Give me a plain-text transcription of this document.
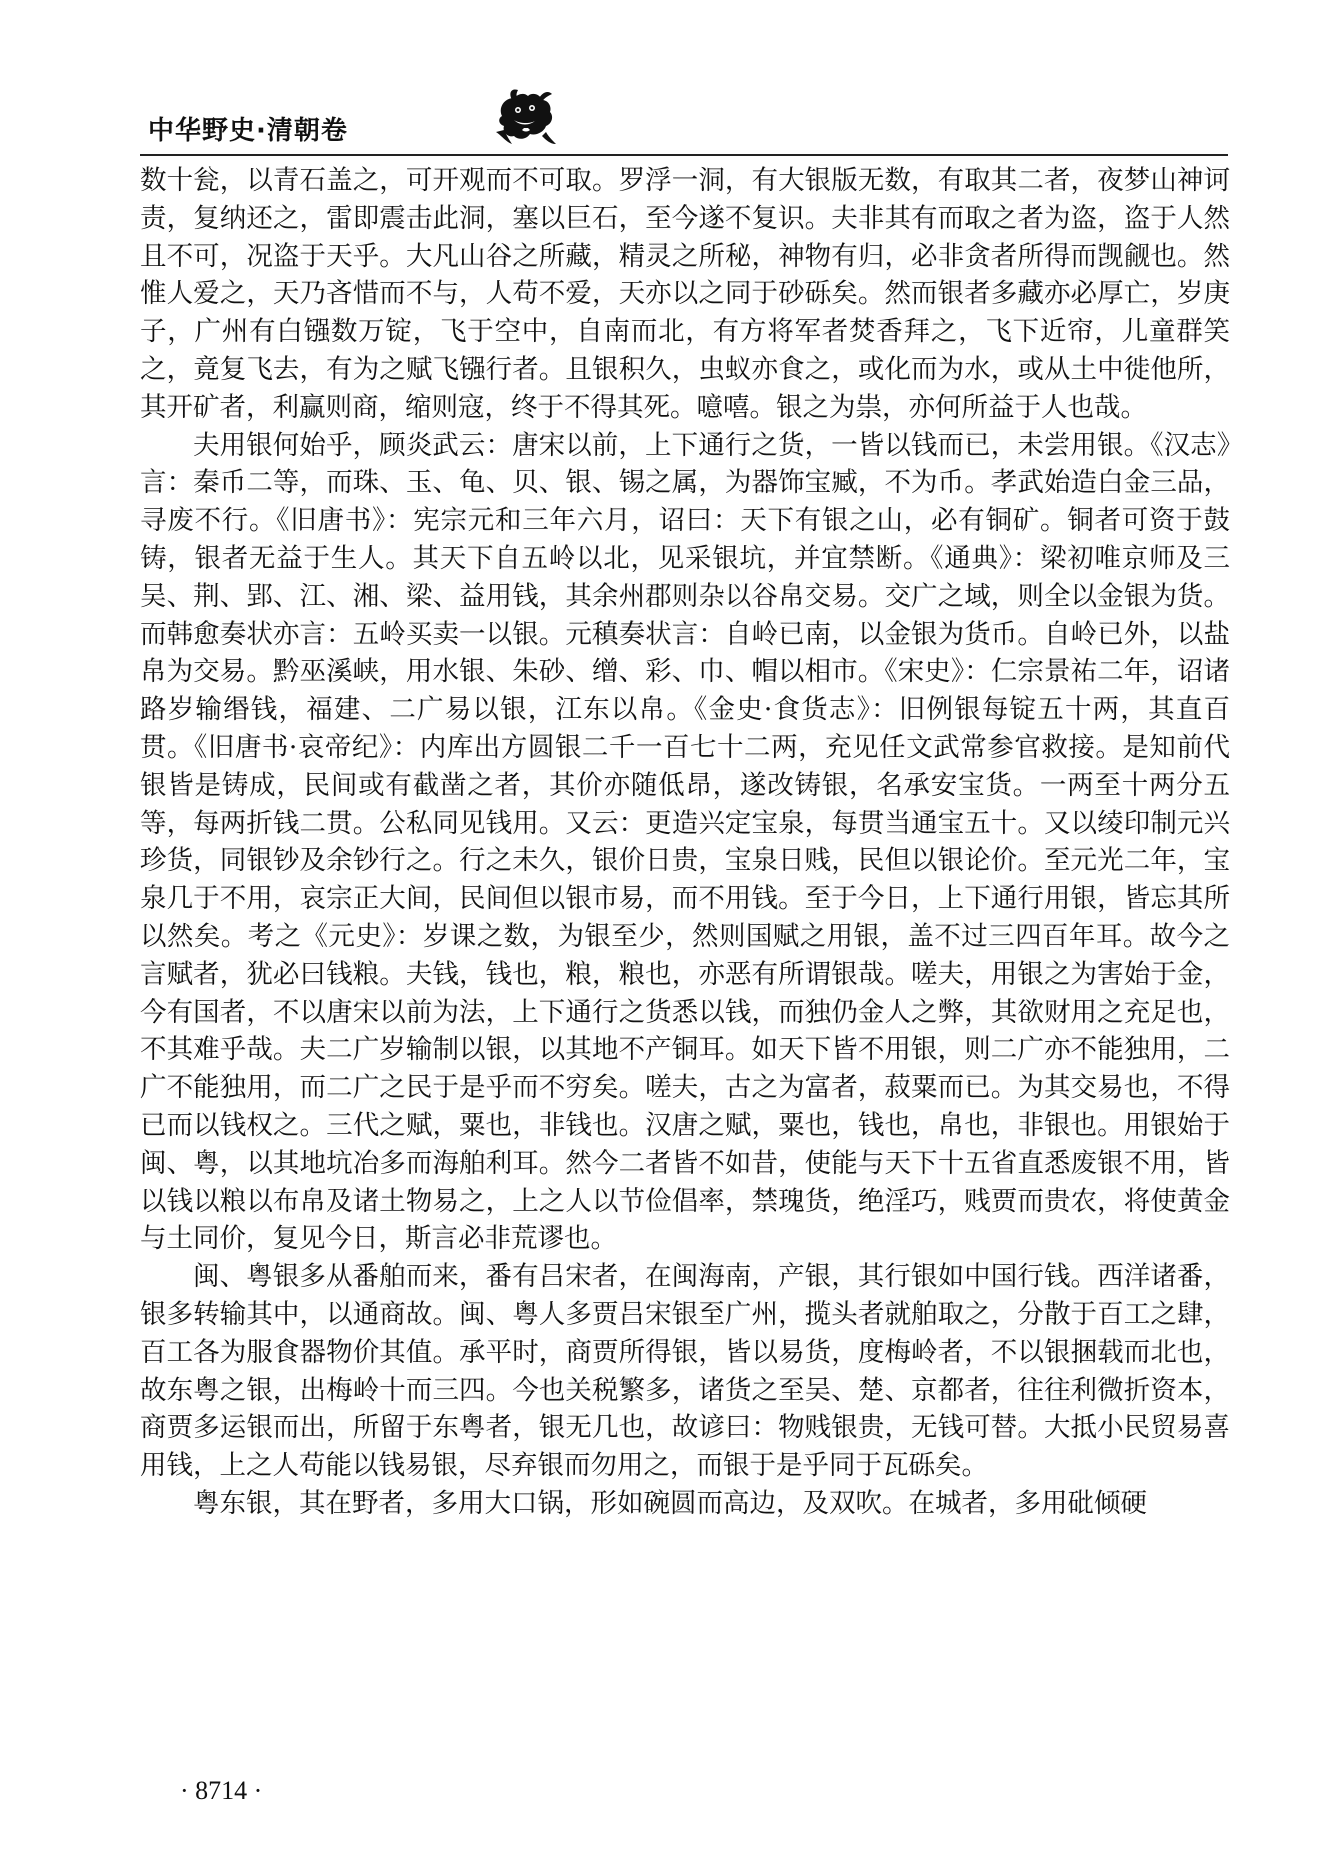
中华野史·清朝卷

数十瓮，以青石盖之，可开观而不可取。罗浮一洞，有大银版无数，有取其二者，夜梦山神诃责，复纳还之，雷即震击此洞，塞以巨石，至今遂不复识。夫非其有而取之者为盗，盗于人然且不可，况盗于天乎。大凡山谷之所藏，精灵之所秘，神物有归，必非贪者所得而觊觎也。然惟人爱之，天乃吝惜而不与，人苟不爱，天亦以之同于砂砾矣。然而银者多藏亦必厚亡，岁庚子，广州有白镪数万锭，飞于空中，自南而北，有方将军者焚香拜之，飞下近帘，儿童群笑之，竟复飞去，有为之赋飞镪行者。且银积久，虫蚁亦食之，或化而为水，或从土中徙他所，其开矿者，利赢则商，缩则寇，终于不得其死。噫嘻。银之为祟，亦何所益于人也哉。

夫用银何始乎，顾炎武云：唐宋以前，上下通行之货，一皆以钱而已，未尝用银。《汉志》言：秦币二等，而珠、玉、龟、贝、银、锡之属，为器饰宝臧，不为币。孝武始造白金三品，寻废不行。《旧唐书》：宪宗元和三年六月，诏曰：天下有银之山，必有铜矿。铜者可资于鼓铸，银者无益于生人。其天下自五岭以北，见采银坑，并宜禁断。《通典》：梁初唯京师及三吴、荆、郢、江、湘、梁、益用钱，其余州郡则杂以谷帛交易。交广之域，则全以金银为货。而韩愈奏状亦言：五岭买卖一以银。元稹奏状言：自岭已南，以金银为货币。自岭已外，以盐帛为交易。黔巫溪峡，用水银、朱砂、缯、彩、巾、帽以相市。《宋史》：仁宗景祐二年，诏诸路岁输缗钱，福建、二广易以银，江东以帛。《金史·食货志》：旧例银每锭五十两，其直百贯。《旧唐书·哀帝纪》：内库出方圆银二千一百七十二两，充见任文武常参官救接。是知前代银皆是铸成，民间或有截凿之者，其价亦随低昂，遂改铸银，名承安宝货。一两至十两分五等，每两折钱二贯。公私同见钱用。又云：更造兴定宝泉，每贯当通宝五十。又以绫印制元兴珍货，同银钞及余钞行之。行之未久，银价日贵，宝泉日贱，民但以银论价。至元光二年，宝泉几于不用，哀宗正大间，民间但以银市易，而不用钱。至于今日，上下通行用银，皆忘其所以然矣。考之《元史》：岁课之数，为银至少，然则国赋之用银，盖不过三四百年耳。故今之言赋者，犹必曰钱粮。夫钱，钱也，粮，粮也，亦恶有所谓银哉。嗟夫，用银之为害始于金，今有国者，不以唐宋以前为法，上下通行之货悉以钱，而独仍金人之弊，其欲财用之充足也，不其难乎哉。夫二广岁输制以银，以其地不产铜耳。如天下皆不用银，则二广亦不能独用，二广不能独用，而二广之民于是乎而不穷矣。嗟夫，古之为富者，菽粟而已。为其交易也，不得已而以钱权之。三代之赋，粟也，非钱也。汉唐之赋，粟也，钱也，帛也，非银也。用银始于闽、粤，以其地坑冶多而海舶利耳。然今二者皆不如昔，使能与天下十五省直悉废银不用，皆以钱以粮以布帛及诸土物易之，上之人以节俭倡率，禁瑰货，绝淫巧，贱贾而贵农，将使黄金与土同价，复见今日，斯言必非荒谬也。

闽、粤银多从番舶而来，番有吕宋者，在闽海南，产银，其行银如中国行钱。西洋诸番，银多转输其中，以通商故。闽、粤人多贾吕宋银至广州，揽头者就舶取之，分散于百工之肆，百工各为服食器物价其值。承平时，商贾所得银，皆以易货，度梅岭者，不以银捆载而北也，故东粤之银，出梅岭十而三四。今也关税繁多，诸货之至吴、楚、京都者，往往利微折资本，商贾多运银而出，所留于东粤者，银无几也，故谚曰：物贱银贵，无钱可替。大抵小民贸易喜用钱，上之人苟能以钱易银，尽弃银而勿用之，而银于是乎同于瓦砾矣。

粤东银，其在野者，多用大口锅，形如碗圆而高边，及双吹。在城者，多用砒倾硬

· 8714 ·
